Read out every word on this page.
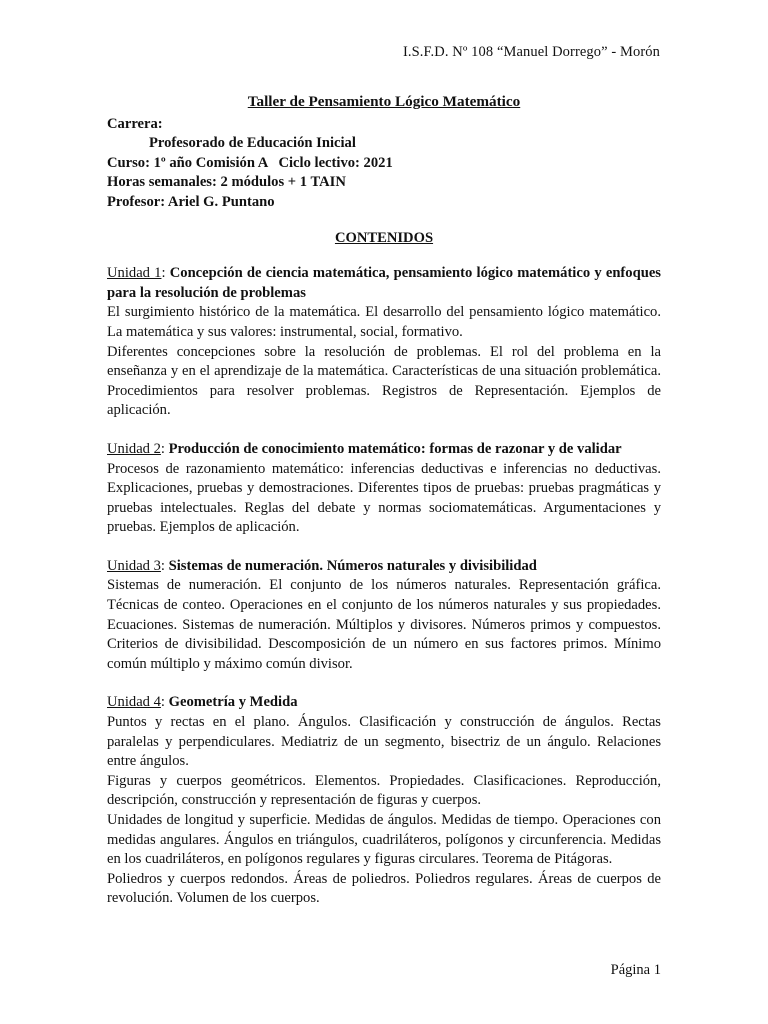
I.S.F.D. Nº 108 “Manuel Dorrego” - Morón
Taller de Pensamiento Lógico Matemático
Carrera:
Profesorado de Educación Inicial
Curso: 1º año Comisión A   Ciclo lectivo: 2021
Horas semanales: 2 módulos + 1 TAIN
Profesor: Ariel G. Puntano
CONTENIDOS

Unidad 1: Concepción de ciencia matemática, pensamiento lógico matemático y enfoques para la resolución de problemas

El surgimiento histórico de la matemática. El desarrollo del pensamiento lógico matemático. La matemática y sus valores: instrumental, social, formativo.

Diferentes concepciones sobre la resolución de problemas. El rol del problema en la enseñanza y en el aprendizaje de la matemática. Características de una situación problemática. Procedimientos para resolver problemas. Registros de Representación. Ejemplos de aplicación.

Unidad 2: Producción de conocimiento matemático: formas de razonar y de validar

Procesos de razonamiento matemático: inferencias deductivas e inferencias no deductivas. Explicaciones, pruebas y demostraciones. Diferentes tipos de pruebas: pruebas pragmáticas y pruebas intelectuales. Reglas del debate y normas sociomatemáticas. Argumentaciones y pruebas. Ejemplos de aplicación.

Unidad 3: Sistemas de numeración. Números naturales y divisibilidad

Sistemas de numeración. El conjunto de los números naturales. Representación gráfica. Técnicas de conteo. Operaciones en el conjunto de los números naturales y sus propiedades. Ecuaciones. Sistemas de numeración. Múltiplos y divisores. Números primos y compuestos. Criterios de divisibilidad. Descomposición de un número en sus factores primos. Mínimo común múltiplo y máximo común divisor.

Unidad 4: Geometría y Medida

Puntos y rectas en el plano. Ángulos. Clasificación y construcción de ángulos. Rectas paralelas y perpendiculares. Mediatriz de un segmento, bisectriz de un ángulo. Relaciones entre ángulos.

Figuras y cuerpos geométricos. Elementos. Propiedades. Clasificaciones. Reproducción, descripción, construcción y representación de figuras y cuerpos.

Unidades de longitud y superficie. Medidas de ángulos. Medidas de tiempo. Operaciones con medidas angulares. Ángulos en triángulos, cuadriláteros, polígonos y circunferencia. Medidas en los cuadriláteros, en polígonos regulares y figuras circulares. Teorema de Pitágoras.

Poliedros y cuerpos redondos. Áreas de poliedros. Poliedros regulares. Áreas de cuerpos de revolución. Volumen de los cuerpos.

Página 1
